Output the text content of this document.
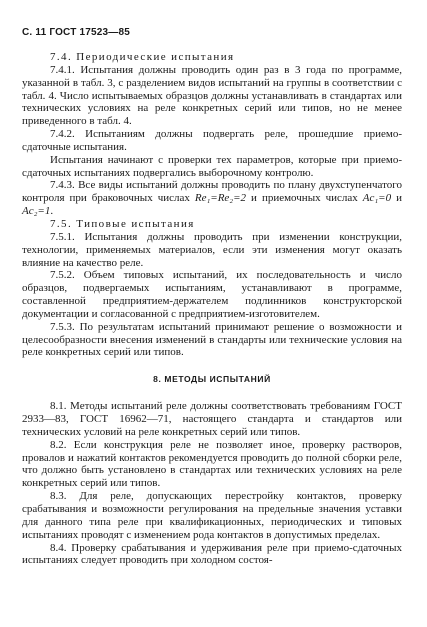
С. 11 ГОСТ 17523—85

7.4. Периодические испытания

7.4.1. Испытания должны проводить один раз в 3 года по программе, указанной в табл. 3, с разделением видов испытаний на группы в соответствии с табл. 4. Число испытываемых образцов должны устанавливать в стандартах или технических условиях на реле конкретных серий или типов, но не менее приведенного в табл. 4.

7.4.2. Испытаниям должны подвергать реле, прошедшие приемо-сдаточные испытания.

Испытания начинают с проверки тех параметров, которые при приемо-сдаточных испытаниях подвергались выборочному контролю.

7.4.3. Все виды испытаний должны проводить по плану двухступенчатого контроля при браковочных числах Re₁=Re₂=2 и приемочных числах Ac₁=0 и Ac₂=1.

7.5. Типовые испытания

7.5.1. Испытания должны проводить при изменении конструкции, технологии, применяемых материалов, если эти изменения могут оказать влияние на качество реле.

7.5.2. Объем типовых испытаний, их последовательность и число образцов, подвергаемых испытаниям, устанавливают в программе, составленной предприятием-держателем подлинников конструкторской документации и согласованной с предприятием-изготовителем.

7.5.3. По результатам испытаний принимают решение о возможности и целесообразности внесения изменений в стандарты или технические условия на реле конкретных серий или типов.

8. МЕТОДЫ ИСПЫТАНИЙ

8.1. Методы испытаний реле должны соответствовать требованиям ГОСТ 2933—83, ГОСТ 16962—71, настоящего стандарта и стандартов или технических условий на реле конкретных серий или типов.

8.2. Если конструкция реле не позволяет иное, проверку растворов, провалов и нажатий контактов рекомендуется проводить до полной сборки реле, что должно быть установлено в стандартах или технических условиях на реле конкретных серий или типов.

8.3. Для реле, допускающих перестройку контактов, проверку срабатывания и возможности регулирования на предельные значения уставки для данного типа реле при квалификационных, периодических и типовых испытаниях проводят с изменением рода контактов в допустимых пределах.

8.4. Проверку срабатывания и удерживания реле при приемо-сдаточных испытаниях следует проводить при холодном состоя-
